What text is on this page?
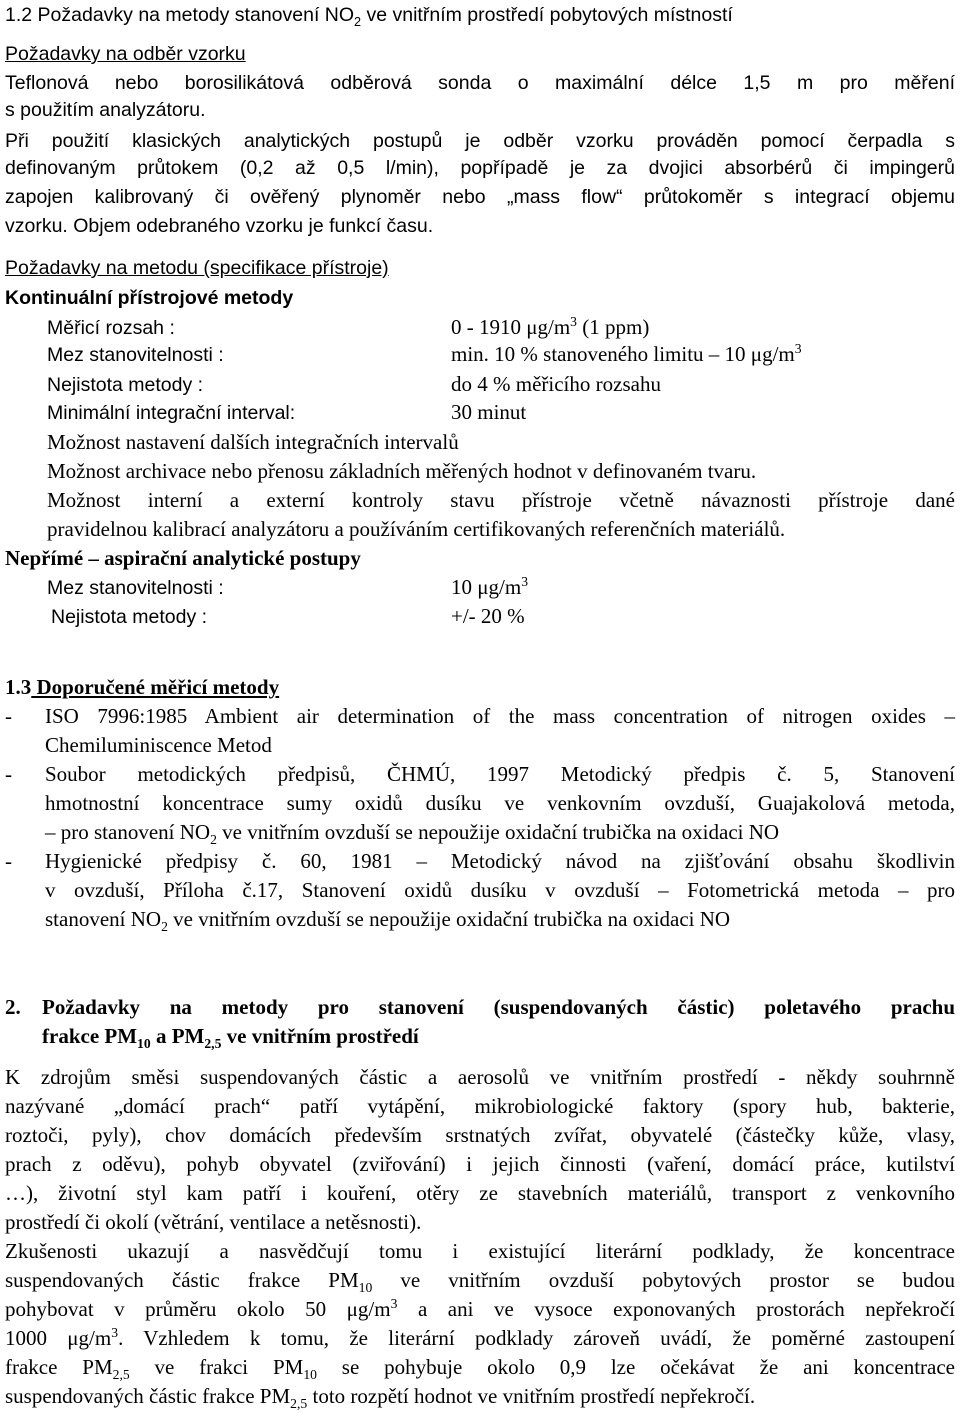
1.2 Požadavky na metody stanovení $NO_2$ ve vnitřním prostředí pobytových místností
Požadavky na odběr vzorku
Teflonová nebo borosilikátová odběrová sonda o maximální délce 1,5 m pro měření
s použitím analyzátoru.
Při použití klasických analytických postupů je odběr vzorku prováděn pomocí čerpadla s
definovaným průtokem (0,2 až 0,5 l/min), popřípadě je za dvojici absorbérů či impingerů
zapojen kalibrovaný či ověřený plynoměr nebo „mass flow“ průtokoměr s integrací objemu
vzorku. Objem odebraného vzorku je funkcí času.
Požadavky na metodu (specifikace přístroje)
Kontinuální přístrojové metody
Měřicí rozsah :	0 - 1910 $\mu g/m^3$ (1 ppm)
Mez stanovitelnosti :	min. 10 % stanoveného limitu – 10 $\mu g/m^3$
Nejistota metody :	do 4 % měřicího rozsahu
Minimální integrační interval:	30 minut
Možnost nastavení dalších integračních intervalů
Možnost archivace nebo přenosu základních měřených hodnot v definovaném tvaru.
Možnost interní a externí kontroly stavu přístroje včetně návaznosti přístroje dané
pravidelnou kalibrací analyzátoru a používáním certifikovaných referenčních materiálů.
Nepřímé – aspirační analytické postupy
Mez stanovitelnosti :	10 $\mu g/m^3$
Nejistota metody :	+/- 20 %
1.3 Doporučené měřicí metody
- ISO 7996:1985 Ambient air determination of the mass concentration of nitrogen oxides –
Chemiluminiscence Metod
- Soubor metodických předpisů, ČHMÚ, 1997 Metodický předpis č. 5, Stanovení
hmotnostní koncentrace sumy oxidů dusíku ve venkovním ovzduší, Guajakolová metoda,
– pro stanovení $NO_2$ ve vnitřním ovzduší se nepoužije oxidační trubička na oxidaci NO
- Hygienické předpisy č. 60, 1981 – Metodický návod na zjišťování obsahu škodlivin
v ovzduší, Příloha č.17, Stanovení oxidů dusíku v ovzduší – Fotometrická metoda – pro
stanovení $NO_2$ ve vnitřním ovzduší se nepoužije oxidační trubička na oxidaci NO
2. Požadavky na metody pro stanovení (suspendovaných částic) poletavého prachu
frakce $PM_{10}$ a $PM_{2,5}$ ve vnitřním prostředí
K zdrojům směsi suspendovaných částic a aerosolů ve vnitřním prostředí - někdy souhrnně
nazývané „domácí prach“ patří vytápění, mikrobiologické faktory (spory hub, bakterie,
roztoči, pyly), chov domácích především srstnatých zvířat, obyvatelé (částečky kůže, vlasy,
prach z oděvu), pohyb obyvatel (zviřování) i jejich činnosti (vaření, domácí práce, kutilství
…), životní styl kam patří i kouření, otěry ze stavebních materiálů, transport z venkovního
prostředí či okolí (větrání, ventilace a netěsnosti).
Zkušenosti ukazují a nasvědčují tomu i existující literární podklady, že koncentrace
suspendovaných částic frakce $PM_{10}$ ve vnitřním ovzduší pobytových prostor se budou
pohybovat v průměru okolo 50 $\mu g/m^3$ a ani ve vysoce exponovaných prostorách nepřekročí
1000 $\mu g/m^3$. Vzhledem k tomu, že literární podklady zároveň uvádí, že poměrné zastoupení
frakce $PM_{2,5}$ ve frakci $PM_{10}$ se pohybuje okolo 0,9 lze očekávat že ani koncentrace
suspendovaných částic frakce $PM_{2,5}$ toto rozpětí hodnot ve vnitřním prostředí nepřekročí.
